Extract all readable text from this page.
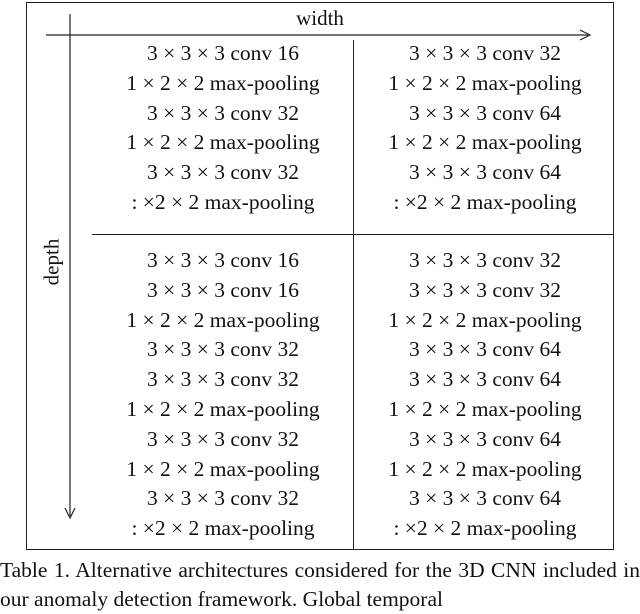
width
depth
3 × 3 × 3 conv 16
1 × 2 × 2 max-pooling
3 × 3 × 3 conv 32
1 × 2 × 2 max-pooling
3 × 3 × 3 conv 32
: ×2 × 2 max-pooling
3 × 3 × 3 conv 32
1 × 2 × 2 max-pooling
3 × 3 × 3 conv 64
1 × 2 × 2 max-pooling
3 × 3 × 3 conv 64
: ×2 × 2 max-pooling
3 × 3 × 3 conv 16
3 × 3 × 3 conv 16
1 × 2 × 2 max-pooling
3 × 3 × 3 conv 32
3 × 3 × 3 conv 32
1 × 2 × 2 max-pooling
3 × 3 × 3 conv 32
1 × 2 × 2 max-pooling
3 × 3 × 3 conv 32
: ×2 × 2 max-pooling
3 × 3 × 3 conv 32
3 × 3 × 3 conv 32
1 × 2 × 2 max-pooling
3 × 3 × 3 conv 64
3 × 3 × 3 conv 64
1 × 2 × 2 max-pooling
3 × 3 × 3 conv 64
1 × 2 × 2 max-pooling
3 × 3 × 3 conv 64
: ×2 × 2 max-pooling
Table 1. Alternative architectures considered for the 3D CNN included in our anomaly detection framework. Global temporal
